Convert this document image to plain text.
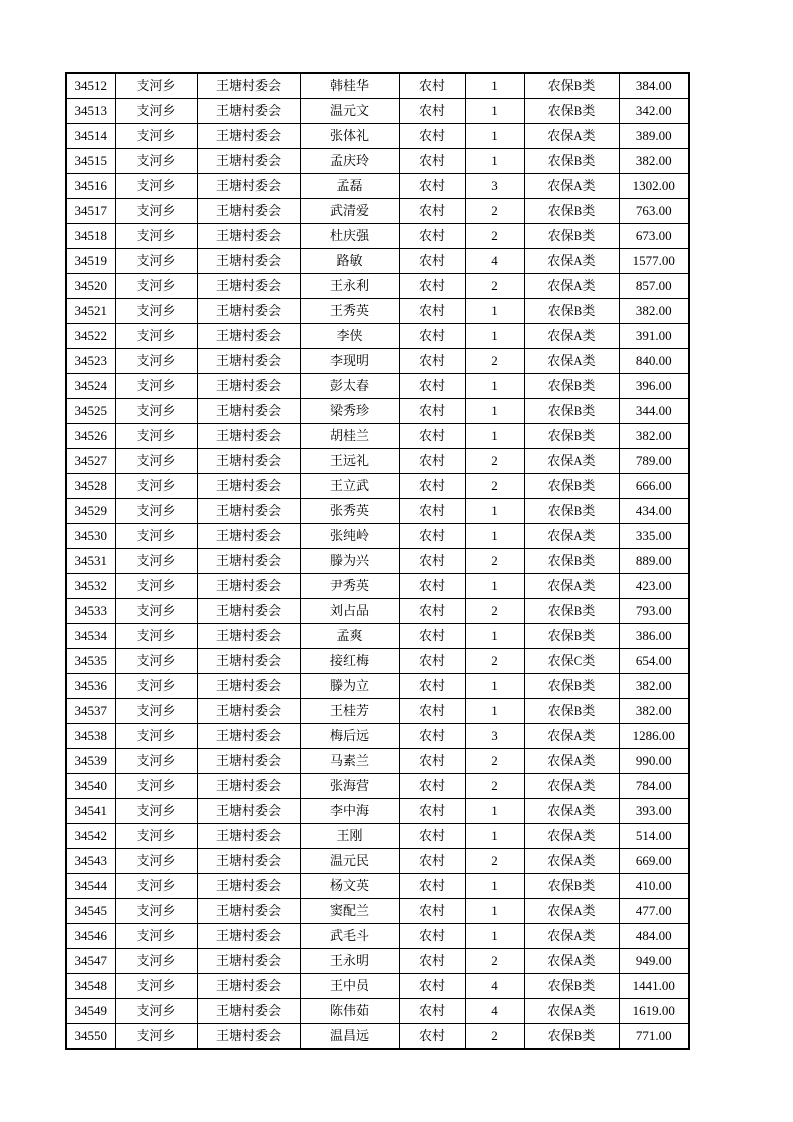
34512	支河乡	王塘村委会	韩桂华	农村	1	农保B类	384.00
34513	支河乡	王塘村委会	温元文	农村	1	农保B类	342.00
34514	支河乡	王塘村委会	张体礼	农村	1	农保A类	389.00
34515	支河乡	王塘村委会	孟庆玲	农村	1	农保B类	382.00
34516	支河乡	王塘村委会	孟磊	农村	3	农保A类	1302.00
34517	支河乡	王塘村委会	武清爱	农村	2	农保B类	763.00
34518	支河乡	王塘村委会	杜庆强	农村	2	农保B类	673.00
34519	支河乡	王塘村委会	路敏	农村	4	农保A类	1577.00
34520	支河乡	王塘村委会	王永利	农村	2	农保A类	857.00
34521	支河乡	王塘村委会	王秀英	农村	1	农保B类	382.00
34522	支河乡	王塘村委会	李侠	农村	1	农保A类	391.00
34523	支河乡	王塘村委会	李现明	农村	2	农保A类	840.00
34524	支河乡	王塘村委会	彭太春	农村	1	农保B类	396.00
34525	支河乡	王塘村委会	梁秀珍	农村	1	农保B类	344.00
34526	支河乡	王塘村委会	胡桂兰	农村	1	农保B类	382.00
34527	支河乡	王塘村委会	王远礼	农村	2	农保A类	789.00
34528	支河乡	王塘村委会	王立武	农村	2	农保B类	666.00
34529	支河乡	王塘村委会	张秀英	农村	1	农保B类	434.00
34530	支河乡	王塘村委会	张纯岭	农村	1	农保A类	335.00
34531	支河乡	王塘村委会	滕为兴	农村	2	农保B类	889.00
34532	支河乡	王塘村委会	尹秀英	农村	1	农保A类	423.00
34533	支河乡	王塘村委会	刘占品	农村	2	农保B类	793.00
34534	支河乡	王塘村委会	孟爽	农村	1	农保B类	386.00
34535	支河乡	王塘村委会	接红梅	农村	2	农保C类	654.00
34536	支河乡	王塘村委会	滕为立	农村	1	农保B类	382.00
34537	支河乡	王塘村委会	王桂芳	农村	1	农保B类	382.00
34538	支河乡	王塘村委会	梅后远	农村	3	农保A类	1286.00
34539	支河乡	王塘村委会	马素兰	农村	2	农保A类	990.00
34540	支河乡	王塘村委会	张海营	农村	2	农保A类	784.00
34541	支河乡	王塘村委会	李中海	农村	1	农保A类	393.00
34542	支河乡	王塘村委会	王刚	农村	1	农保A类	514.00
34543	支河乡	王塘村委会	温元民	农村	2	农保A类	669.00
34544	支河乡	王塘村委会	杨文英	农村	1	农保B类	410.00
34545	支河乡	王塘村委会	窦配兰	农村	1	农保A类	477.00
34546	支河乡	王塘村委会	武毛斗	农村	1	农保A类	484.00
34547	支河乡	王塘村委会	王永明	农村	2	农保A类	949.00
34548	支河乡	王塘村委会	王中员	农村	4	农保B类	1441.00
34549	支河乡	王塘村委会	陈伟茹	农村	4	农保A类	1619.00
34550	支河乡	王塘村委会	温昌远	农村	2	农保B类	771.00
